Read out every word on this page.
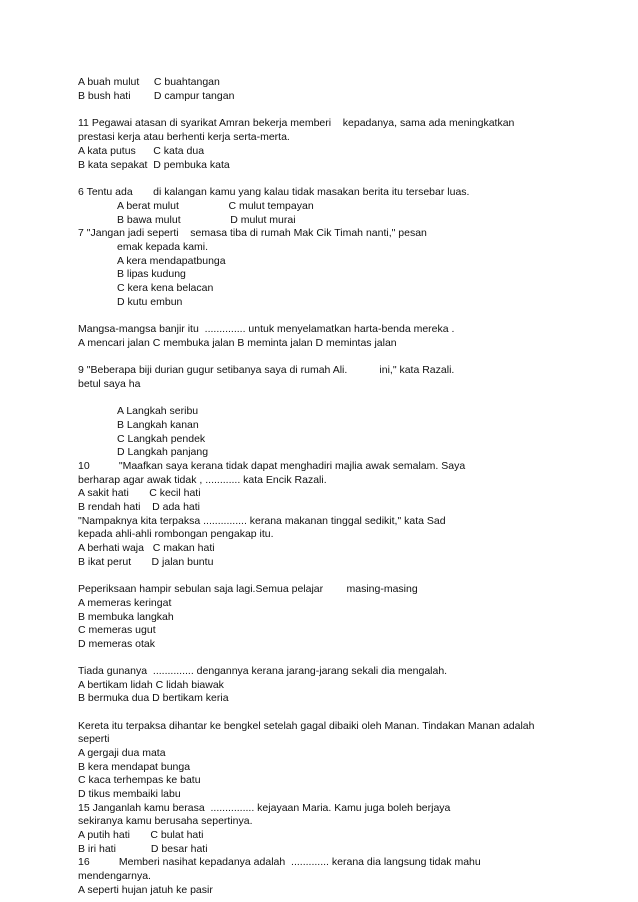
A buah mulut     C buahtangan
B bush hati        D campur tangan
11 Pegawai atasan di syarikat Amran bekerja memberi    kepadanya, sama ada meningkatkan
prestasi kerja atau berhenti kerja serta-merta.
A kata putus      C kata dua
B kata sepakat  D pembuka kata
6 Tentu ada       di kalangan kamu yang kalau tidak masakan berita itu tersebar luas.
A berat mulut                 C mulut tempayan
B bawa mulut                 D mulut murai
7 "Jangan jadi seperti    semasa tiba di rumah Mak Cik Timah nanti," pesan
emak kepada kami.
A kera mendapatbunga
B lipas kudung
C kera kena belacan
D kutu embun
Mangsa-mangsa banjir itu  .............. untuk menyelamatkan harta-benda mereka .
A mencari jalan C membuka jalan B meminta jalan D memintas jalan
9 "Beberapa biji durian gugur setibanya saya di rumah Ali.           ini," kata Razali.
betul saya ha
A Langkah seribu
B Langkah kanan
C Langkah pendek
D Langkah panjang
10          "Maafkan saya kerana tidak dapat menghadiri majlia awak semalam. Saya
berharap agar awak tidak , ............ kata Encik Razali.
A sakit hati       C kecil hati
B rendah hati    D ada hati
"Nampaknya kita terpaksa ............... kerana makanan tinggal sedikit," kata Sad
kepada ahli-ahli rombongan pengakap itu.
A berhati waja   C makan hati
B ikat perut       D jalan buntu
Peperiksaan hampir sebulan saja lagi.Semua pelajar        masing-masing
A memeras keringat
B membuka langkah
C memeras ugut
D memeras otak
Tiada gunanya  .............. dengannya kerana jarang-jarang sekali dia mengalah.
A bertikam lidah C lidah biawak
B bermuka dua D bertikam keria
Kereta itu terpaksa dihantar ke bengkel setelah gagal dibaiki oleh Manan. Tindakan Manan adalah
seperti
A gergaji dua mata
B kera mendapat bunga
C kaca terhempas ke batu
D tikus membaiki labu
15 Janganlah kamu berasa  ............... kejayaan Maria. Kamu juga boleh berjaya
sekiranya kamu berusaha sepertinya.
A putih hati       C bulat hati
B iri hati            D besar hati
16          Memberi nasihat kepadanya adalah  ............. kerana dia langsung tidak mahu
mendengarnya.
A seperti hujan jatuh ke pasir
